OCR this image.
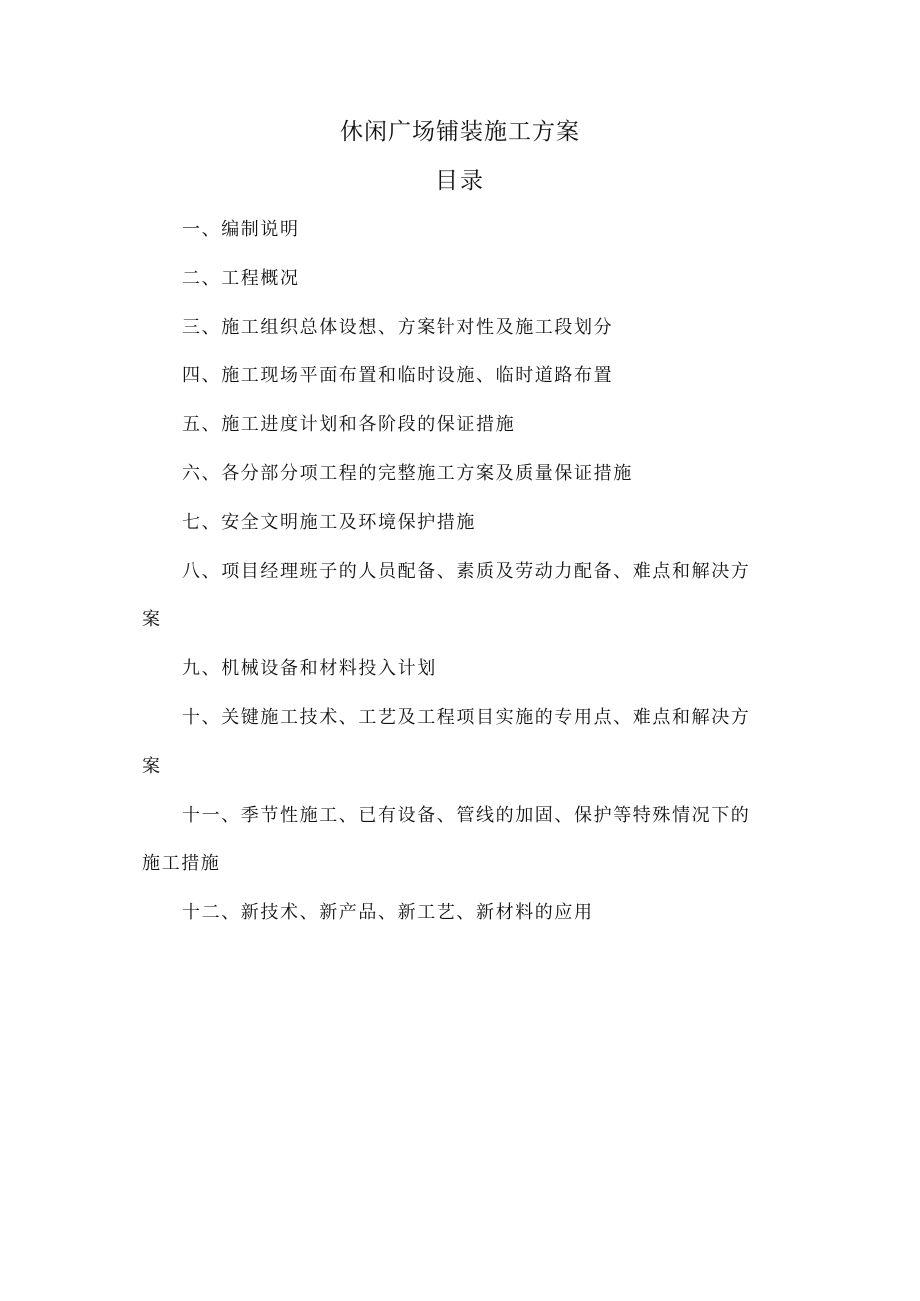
休闲广场铺装施工方案
目录
一、编制说明
二、工程概况
三、施工组织总体设想、方案针对性及施工段划分
四、施工现场平面布置和临时设施、临时道路布置
五、施工进度计划和各阶段的保证措施
六、各分部分项工程的完整施工方案及质量保证措施
七、安全文明施工及环境保护措施
八、项目经理班子的人员配备、素质及劳动力配备、难点和解决方案
九、机械设备和材料投入计划
十、关键施工技术、工艺及工程项目实施的专用点、难点和解决方案
十一、季节性施工、已有设备、管线的加固、保护等特殊情况下的施工措施
十二、新技术、新产品、新工艺、新材料的应用
